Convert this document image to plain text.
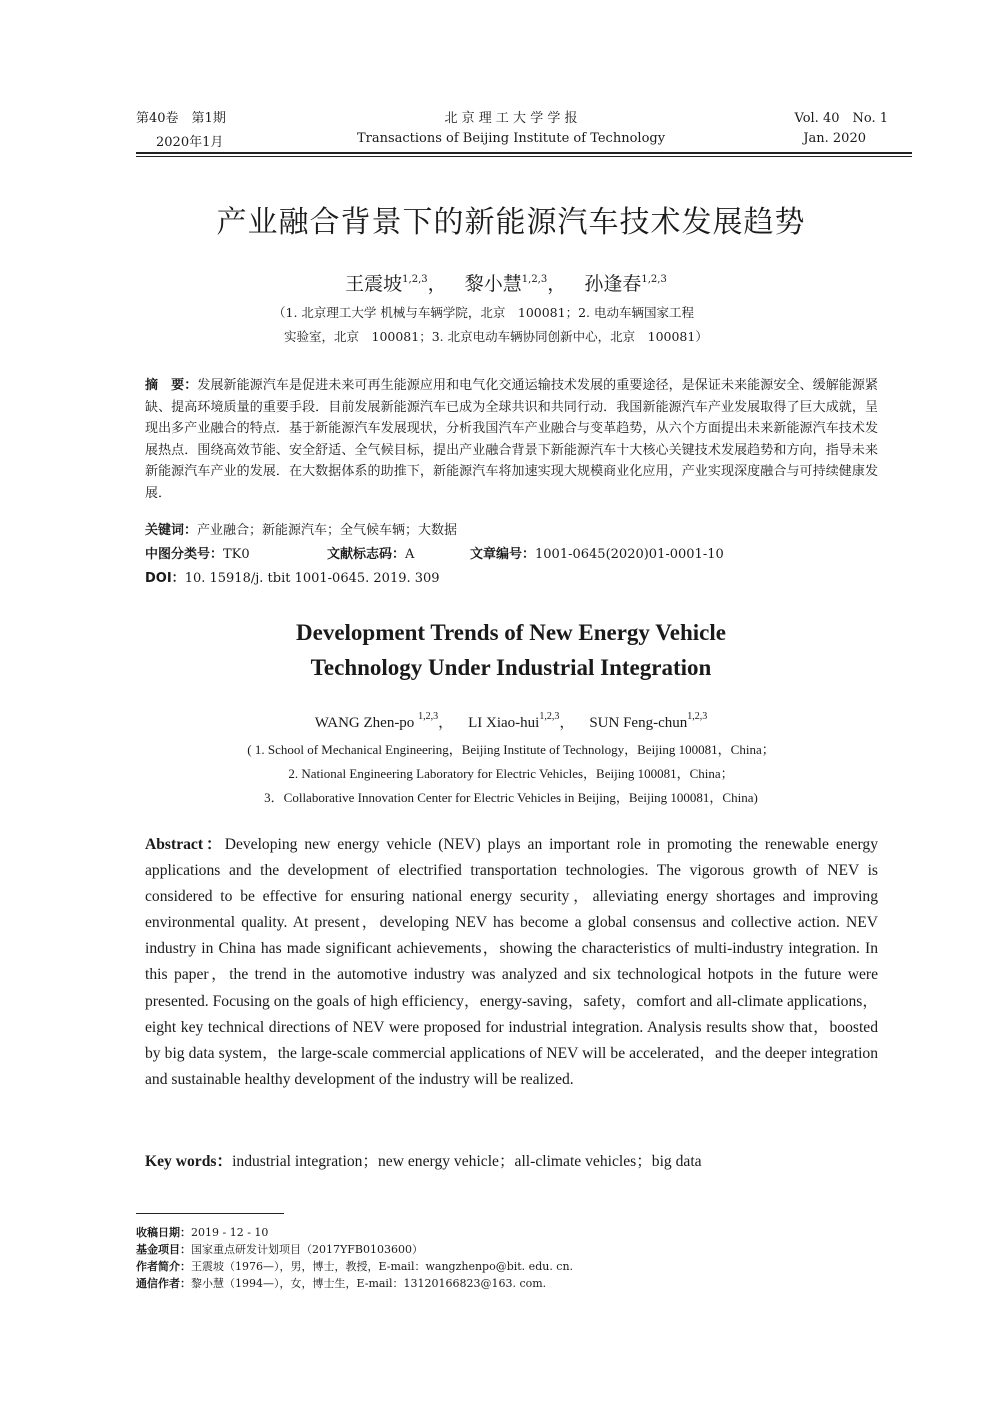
第40卷　第1期
2020年1月
北 京 理 工 大 学 学 报
Transactions of Beijing Institute of Technology
Vol. 40　No. 1
Jan. 2020
产业融合背景下的新能源汽车技术发展趋势
王震坡$^{1,2,3}$， 黎小慧$^{1,2,3}$， 孙逢春$^{1,2,3}$
（1. 北京理工大学 机械与车辆学院，北京　100081；2. 电动车辆国家工程
实验室，北京　100081；3. 北京电动车辆协同创新中心，北京　100081）
摘　要：发展新能源汽车是促进未来可再生能源应用和电气化交通运输技术发展的重要途径，是保证未来能源安全、缓解能源紧缺、提高环境质量的重要手段．目前发展新能源汽车已成为全球共识和共同行动．我国新能源汽车产业发展取得了巨大成就，呈现出多产业融合的特点．基于新能源汽车发展现状，分析我国汽车产业融合与变革趋势，从六个方面提出未来新能源汽车技术发展热点．围绕高效节能、安全舒适、全气候目标，提出产业融合背景下新能源汽车十大核心关键技术发展趋势和方向，指导未来新能源汽车产业的发展．在大数据体系的助推下，新能源汽车将加速实现大规模商业化应用，产业实现深度融合与可持续健康发展．
关键词：产业融合；新能源汽车；全气候车辆；大数据
中图分类号：TK0	文献标志码：A	文章编号：1001-0645(2020)01-0001-10
DOI：10. 15918/j. tbit 1001-0645. 2019. 309
Development Trends of New Energy Vehicle
Technology Under Industrial Integration
WANG Zhen-po $^{1,2,3}$， LI Xiao-hui$^{1,2,3}$， SUN Feng-chun$^{1,2,3}$
( 1. School of Mechanical Engineering，Beijing Institute of Technology，Beijing 100081，China；
2. National Engineering Laboratory for Electric Vehicles，Beijing 100081，China；
3．Collaborative Innovation Center for Electric Vehicles in Beijing，Beijing 100081，China)
Abstract：Developing new energy vehicle (NEV) plays an important role in promoting the renewable energy applications and the development of electrified transportation technologies. The vigorous growth of NEV is considered to be effective for ensuring national energy security，alleviating energy shortages and improving environmental quality. At present，developing NEV has become a global consensus and collective action. NEV industry in China has made significant achievements，showing the characteristics of multi-industry integration. In this paper，the trend in the automotive industry was analyzed and six technological hotpots in the future were presented. Focusing on the goals of high efficiency，energy-saving，safety，comfort and all-climate applications，eight key technical directions of NEV were proposed for industrial integration. Analysis results show that，boosted by big data system，the large-scale commercial applications of NEV will be accelerated，and the deeper integration and sustainable healthy development of the industry will be realized.
Key words：industrial integration；new energy vehicle；all-climate vehicles；big data
收稿日期：2019 - 12 - 10
基金项目：国家重点研发计划项目（2017YFB0103600）
作者简介：王震坡（1976—），男，博士，教授，E-mail：wangzhenpo@bit. edu. cn.
通信作者：黎小慧（1994—），女，博士生，E-mail：13120166823@163. com.
